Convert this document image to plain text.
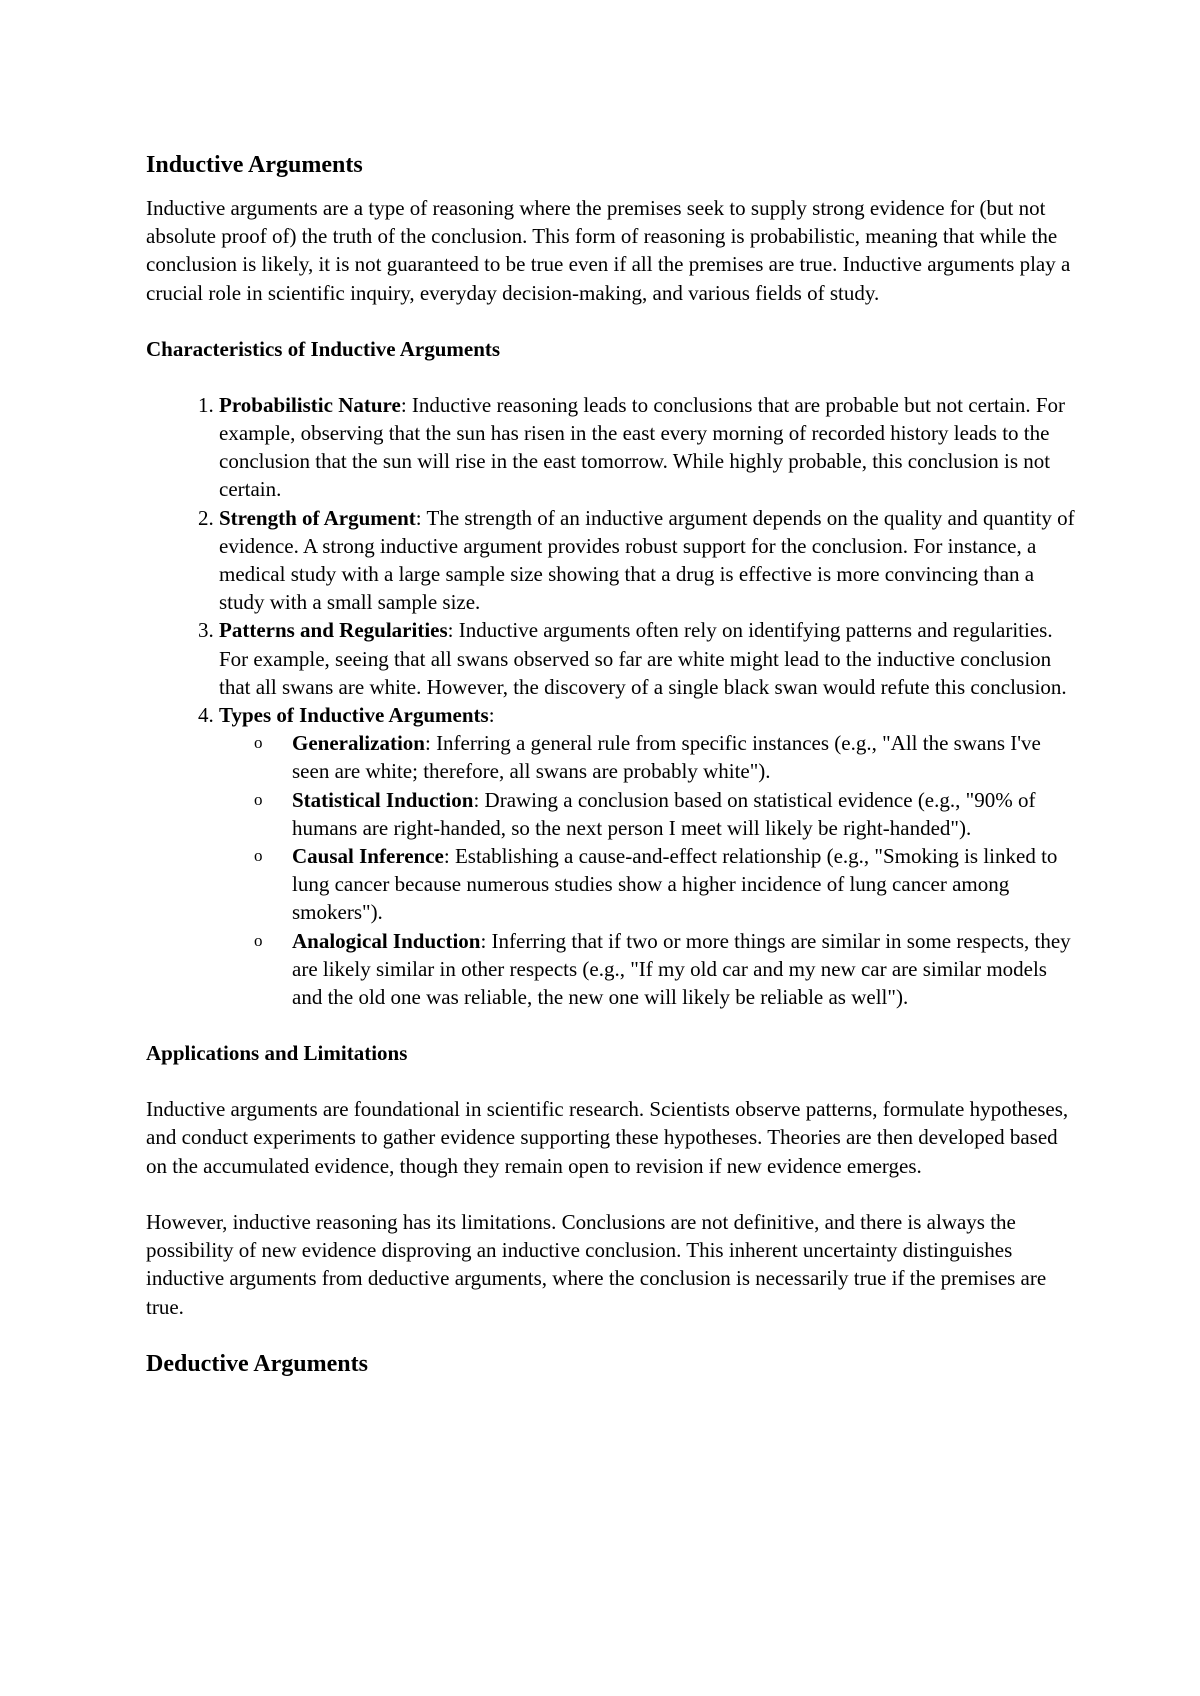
Inductive Arguments

Inductive arguments are a type of reasoning where the premises seek to supply strong evidence for (but not absolute proof of) the truth of the conclusion. This form of reasoning is probabilistic, meaning that while the conclusion is likely, it is not guaranteed to be true even if all the premises are true. Inductive arguments play a crucial role in scientific inquiry, everyday decision-making, and various fields of study.

Characteristics of Inductive Arguments
1. Probabilistic Nature: Inductive reasoning leads to conclusions that are probable but not certain. For example, observing that the sun has risen in the east every morning of recorded history leads to the conclusion that the sun will rise in the east tomorrow. While highly probable, this conclusion is not certain.
2. Strength of Argument: The strength of an inductive argument depends on the quality and quantity of evidence. A strong inductive argument provides robust support for the conclusion. For instance, a medical study with a large sample size showing that a drug is effective is more convincing than a study with a small sample size.
3. Patterns and Regularities: Inductive arguments often rely on identifying patterns and regularities. For example, seeing that all swans observed so far are white might lead to the inductive conclusion that all swans are white. However, the discovery of a single black swan would refute this conclusion.
4. Types of Inductive Arguments:
o Generalization: Inferring a general rule from specific instances (e.g., "All the swans I've seen are white; therefore, all swans are probably white").
o Statistical Induction: Drawing a conclusion based on statistical evidence (e.g., "90% of humans are right-handed, so the next person I meet will likely be right-handed").
o Causal Inference: Establishing a cause-and-effect relationship (e.g., "Smoking is linked to lung cancer because numerous studies show a higher incidence of lung cancer among smokers").
o Analogical Induction: Inferring that if two or more things are similar in some respects, they are likely similar in other respects (e.g., "If my old car and my new car are similar models and the old one was reliable, the new one will likely be reliable as well").
Applications and Limitations

Inductive arguments are foundational in scientific research. Scientists observe patterns, formulate hypotheses, and conduct experiments to gather evidence supporting these hypotheses. Theories are then developed based on the accumulated evidence, though they remain open to revision if new evidence emerges.

However, inductive reasoning has its limitations. Conclusions are not definitive, and there is always the possibility of new evidence disproving an inductive conclusion. This inherent uncertainty distinguishes inductive arguments from deductive arguments, where the conclusion is necessarily true if the premises are true.

Deductive Arguments
